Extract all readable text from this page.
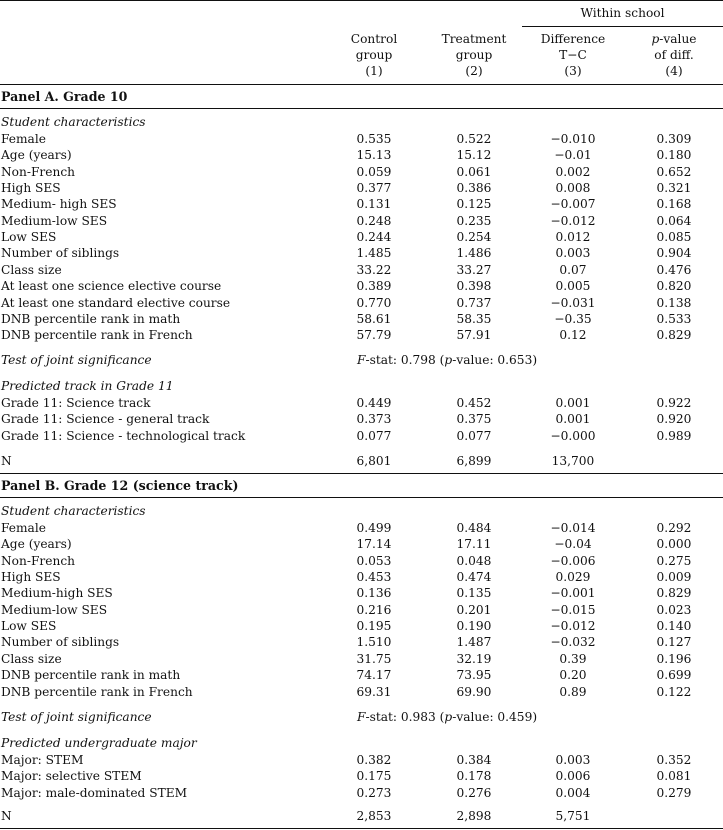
Within school
Control
group
(1)
Treatment
group
(2)
Difference
T−C
(3)
p-value
of diff.
(4)
Panel A. Grade 10
Student characteristics
Female	0.535	0.522	−0.010	0.309
Age (years)	15.13	15.12	−0.01	0.180
Non-French	0.059	0.061	0.002	0.652
High SES	0.377	0.386	0.008	0.321
Medium- high SES	0.131	0.125	−0.007	0.168
Medium-low SES	0.248	0.235	−0.012	0.064
Low SES	0.244	0.254	0.012	0.085
Number of siblings	1.485	1.486	0.003	0.904
Class size	33.22	33.27	0.07	0.476
At least one science elective course	0.389	0.398	0.005	0.820
At least one standard elective course	0.770	0.737	−0.031	0.138
DNB percentile rank in math	58.61	58.35	−0.35	0.533
DNB percentile rank in French	57.79	57.91	0.12	0.829
Test of joint significance	F-stat: 0.798 (p-value: 0.653)
Predicted track in Grade 11
Grade 11: Science track	0.449	0.452	0.001	0.922
Grade 11: Science - general track	0.373	0.375	0.001	0.920
Grade 11: Science - technological track	0.077	0.077	−0.000	0.989
N	6,801	6,899	13,700
Panel B. Grade 12 (science track)
Student characteristics
Female	0.499	0.484	−0.014	0.292
Age (years)	17.14	17.11	−0.04	0.000
Non-French	0.053	0.048	−0.006	0.275
High SES	0.453	0.474	0.029	0.009
Medium-high SES	0.136	0.135	−0.001	0.829
Medium-low SES	0.216	0.201	−0.015	0.023
Low SES	0.195	0.190	−0.012	0.140
Number of siblings	1.510	1.487	−0.032	0.127
Class size	31.75	32.19	0.39	0.196
DNB percentile rank in math	74.17	73.95	0.20	0.699
DNB percentile rank in French	69.31	69.90	0.89	0.122
Test of joint significance	F-stat: 0.983 (p-value: 0.459)
Predicted undergraduate major
Major: STEM	0.382	0.384	0.003	0.352
Major: selective STEM	0.175	0.178	0.006	0.081
Major: male-dominated STEM	0.273	0.276	0.004	0.279
N	2,853	2,898	5,751
